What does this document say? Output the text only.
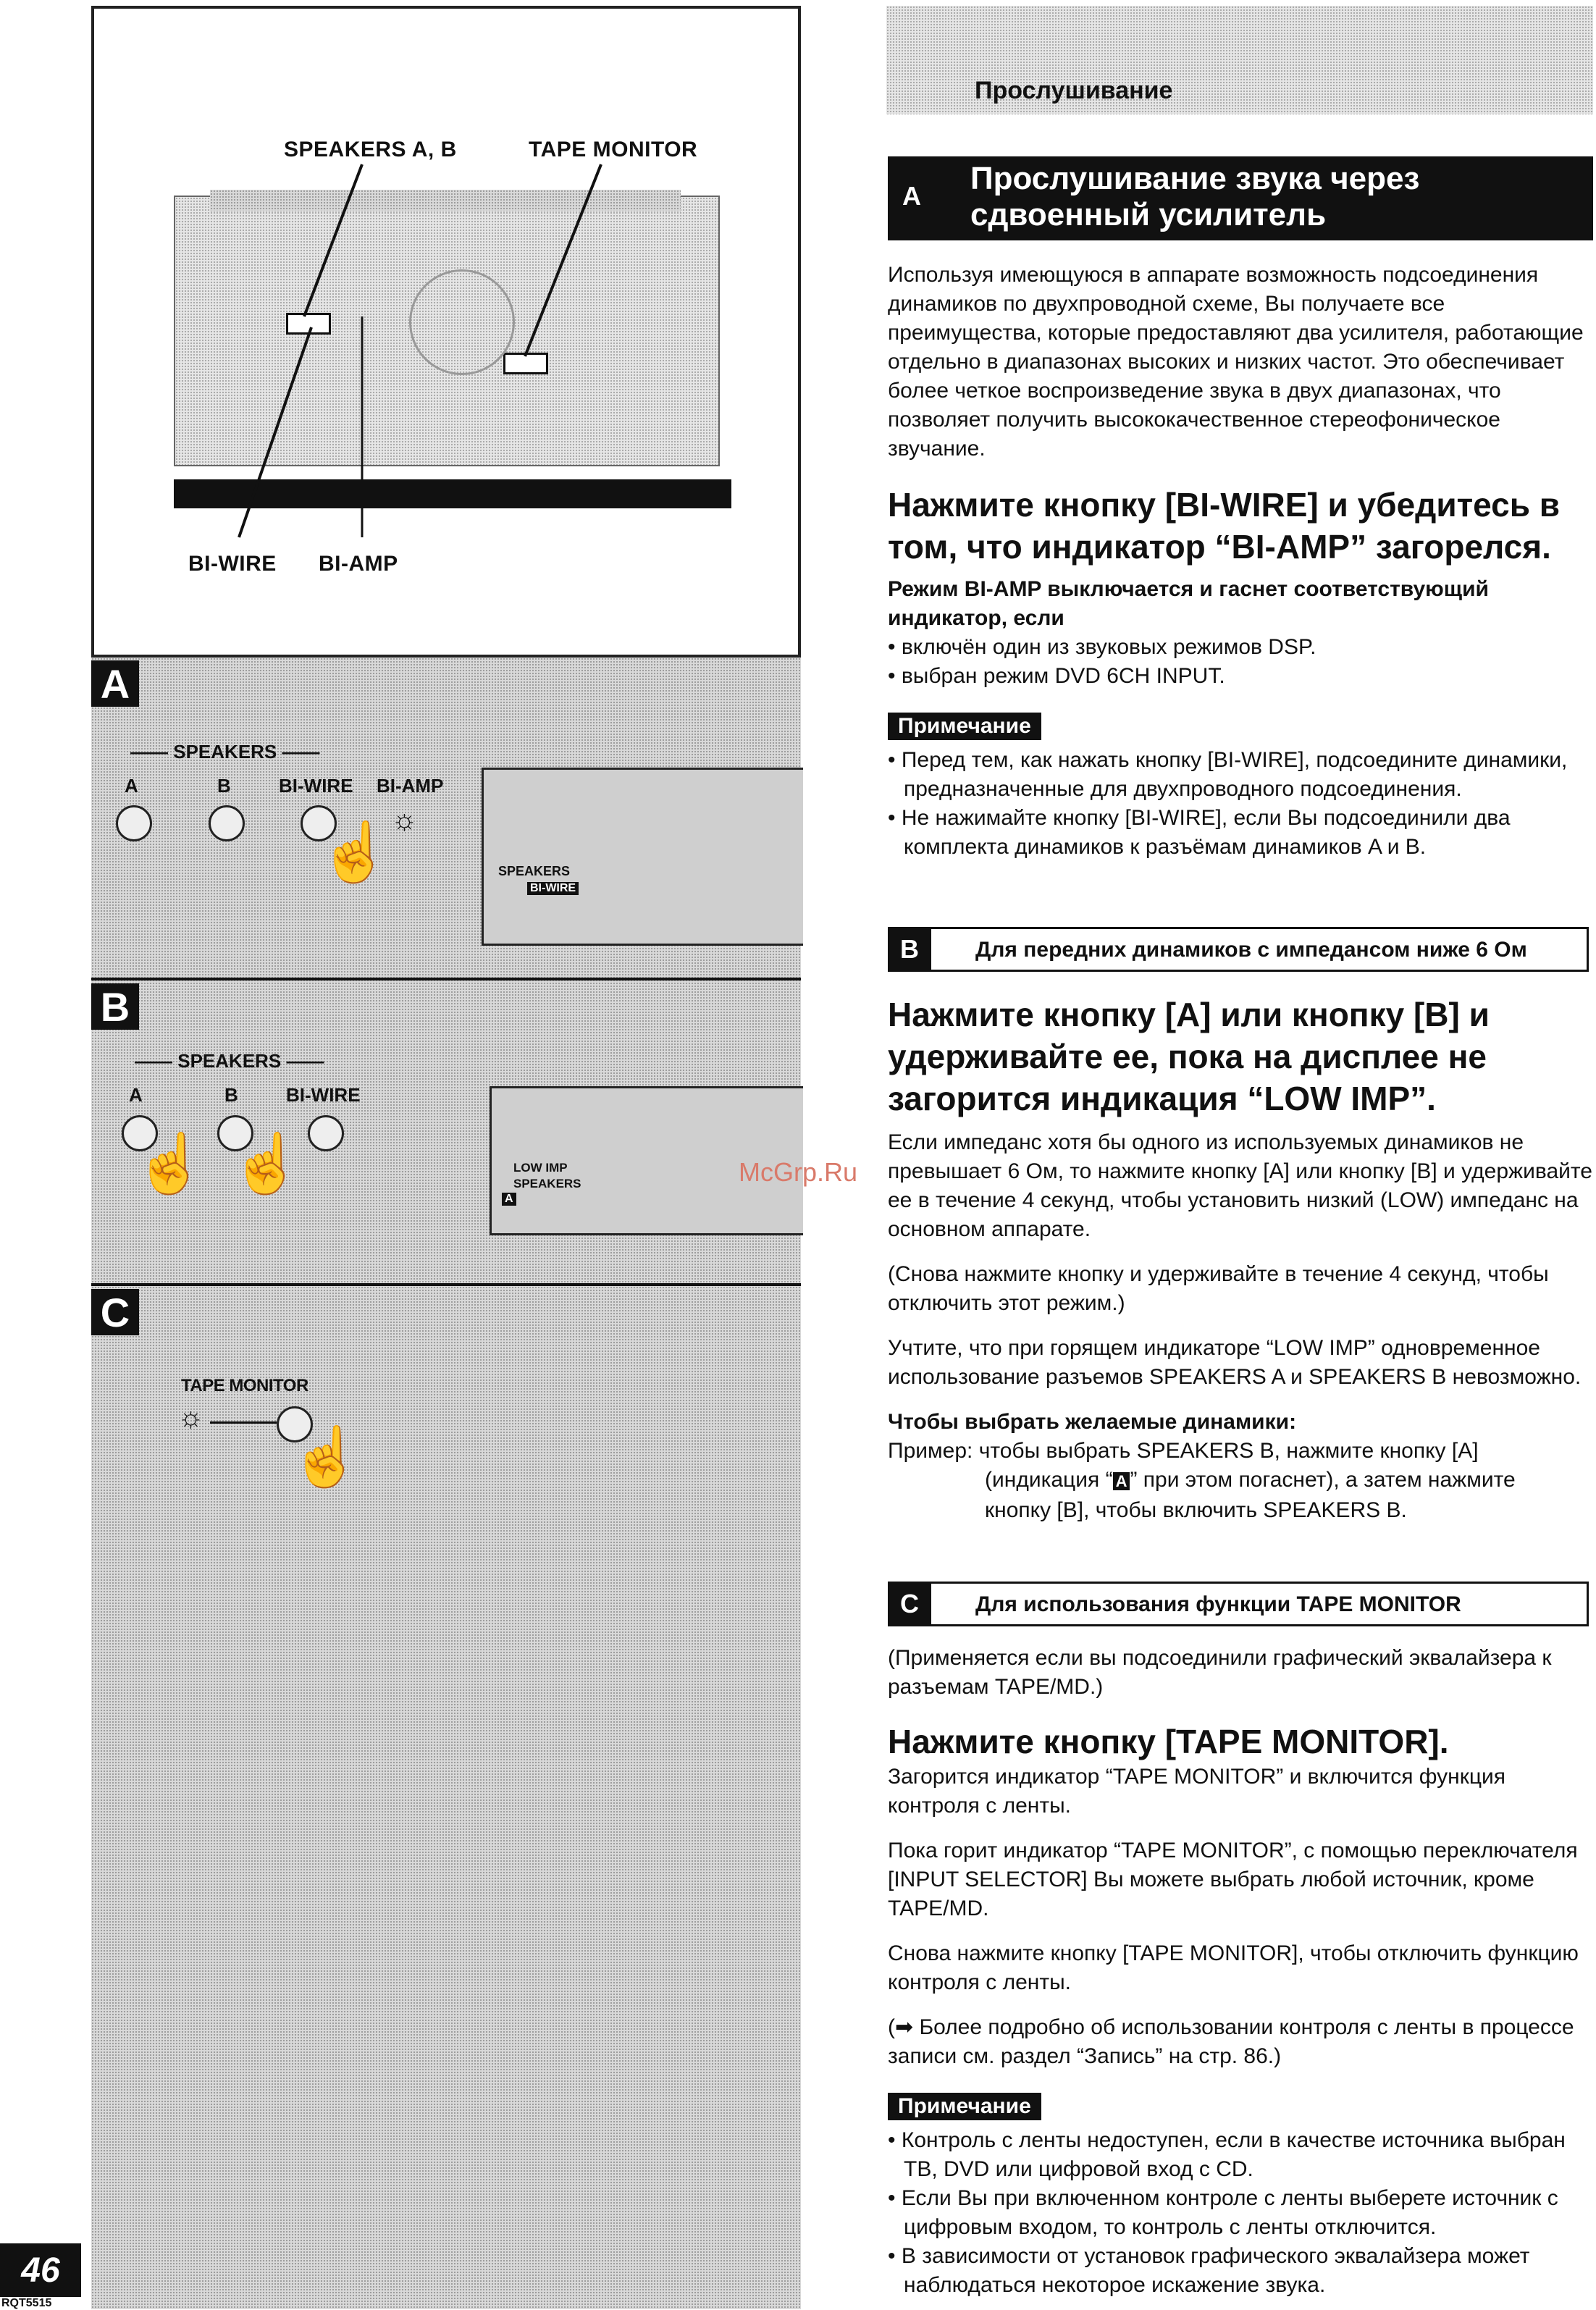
SPEAKERS A, B	TAPE MONITOR
BI-WIRE BI-AMP
A
—— SPEAKERS ——
A	B	BI-WIRE BI-AMP
☼
☝	SPEAKERS
BI-WIRE
B
—— SPEAKERS ——
A	B	BI-WIRE
☝ ☝	LOW IMP
SPEAKERS
A
C
TAPE MONITOR
☼
☝
46
RQT5515
Прослушивание
A Прослушивание звука через
сдвоенный усилитель

Используя имеющуюся в аппарате возможность подсоединения динамиков по двухпроводной схеме, Вы получаете все преимущества, которые предоставляют два усилителя, работающие отдельно в диапазонах высоких и низких частот. Это обеспечивает более четкое воспроизведение звука в двух диапазонах, что позволяет получить высококачественное стереофоническое звучание.

Нажмите кнопку [BI-WIRE] и убедитесь в том, что индикатор “BI-AMP” загорелся.

Режим BI-AMP выключается и гаснет соответствующий индикатор, если

• включён один из звуковых режимов DSP.

• выбран режим DVD 6CH INPUT.

Примечание

• Перед тем, как нажать кнопку [BI-WIRE], подсоедините динамики, предназначенные для двухпроводного подсоединения.

• Не нажимайте кнопку [BI-WIRE], если Вы подсоединили два комплекта динамиков к разъёмам динамиков A и B.

B	Для передних динамиков с импедансом ниже 6 Ом

Нажмите кнопку [A] или кнопку [B] и удерживайте ее, пока на дисплее не загорится индикация “LOW IMP”.

Если импеданс хотя бы одного из используемых динамиков не превышает 6 Ом, то нажмите кнопку [A] или кнопку [B] и удерживайте ее в течение 4 секунд, чтобы установить низкий (LOW) импеданс на основном аппарате.

(Снова нажмите кнопку и удерживайте в течение 4 секунд, чтобы отключить этот режим.)

Учтите, что при горящем индикаторе “LOW IMP” одновременное использование разъемов SPEAKERS A и SPEAKERS B невозможно.

Чтобы выбрать желаемые динамики:

Пример: чтобы выбрать SPEAKERS B, нажмите кнопку [A]

(индикация “ A ” при этом погаснет), а затем нажмите

кнопку [B], чтобы включить SPEAKERS B.

C	Для использования функции TAPE MONITOR

(Применяется если вы подсоединили графический эквалайзера к разъемам TAPE/MD.)

Нажмите кнопку [TAPE MONITOR].

Загорится индикатор “TAPE MONITOR” и включится функция контроля с ленты.

Пока горит индикатор “TAPE MONITOR”, с помощью переключателя [INPUT SELECTOR] Вы можете выбрать любой источник, кроме TAPE/MD.

Снова нажмите кнопку [TAPE MONITOR], чтобы отключить функцию контроля с ленты.

(➡ Более подробно об использовании контроля с ленты в процессе записи см. раздел “Запись” на стр. 86.)

Примечание

• Контроль с ленты недоступен, если в качестве источника выбран ТВ, DVD или цифровой вход с CD.

• Если Вы при включенном контроле с ленты выберете источник с цифровым входом, то контроль с ленты отключится.

• В зависимости от установок графического эквалайзера может наблюдаться некоторое искажение звука.

McGrp.Ru
